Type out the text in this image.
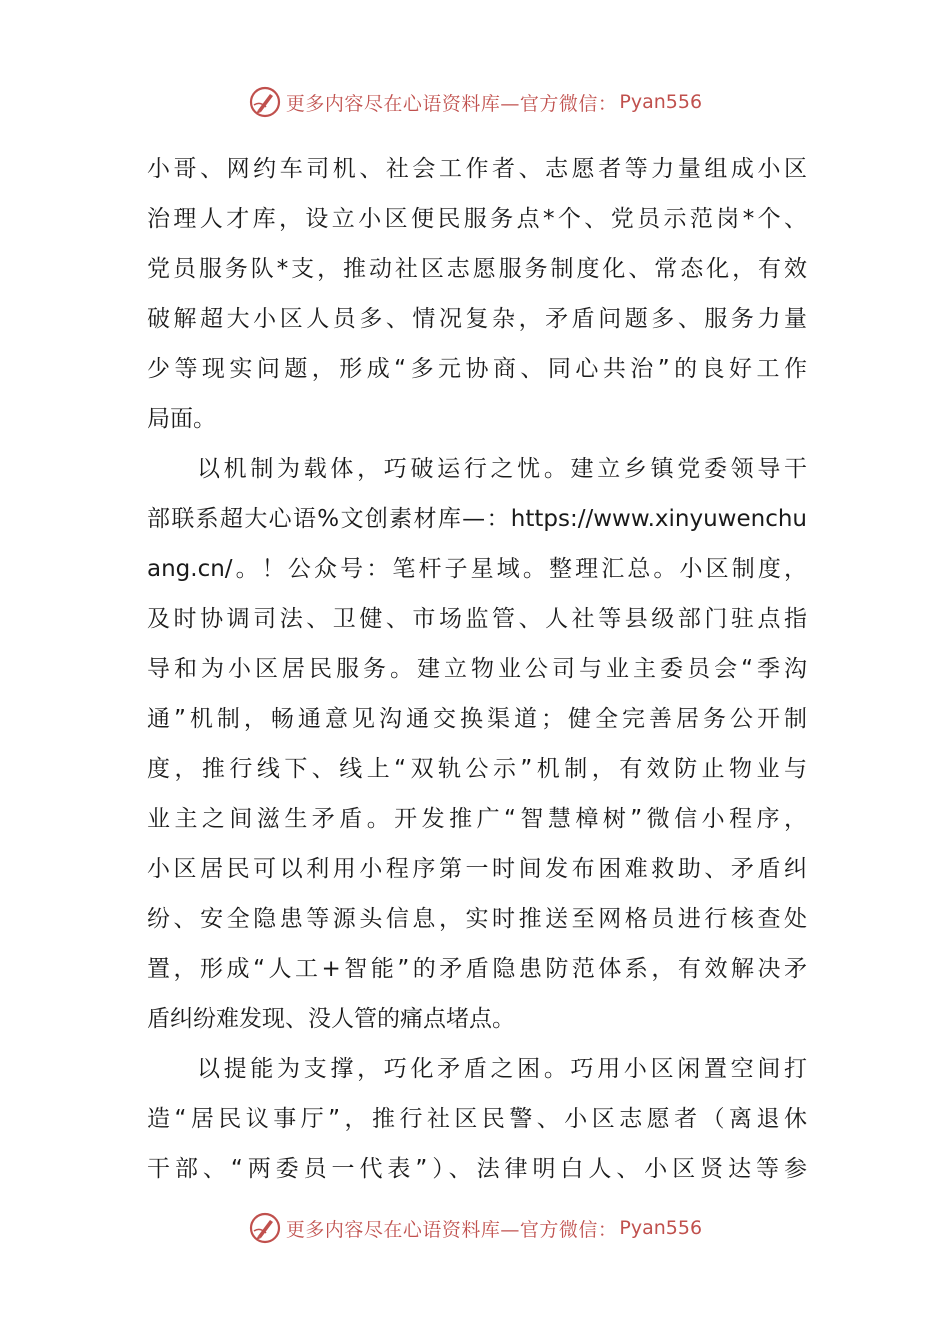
更多内容尽在心语资料库—官方微信： Pyan556
小哥、网约车司机、社会工作者、志愿者等力量组成小区
治理人才库，设立小区便民服务点*个、党员示范岗*个、
党员服务队*支，推动社区志愿服务制度化、常态化，有效
破解超大小区人员多、情况复杂，矛盾问题多、服务力量
少等现实问题，形成“多元协商、同心共治”的良好工作
局面。
以机制为载体，巧破运行之忧。建立乡镇党委领导干
部联系超大心语%文创素材库—：https://www.xinyuwenchu
ang.cn/。！公众号：笔杆子星域。整理汇总。小区制度，
及时协调司法、卫健、市场监管、人社等县级部门驻点指
导和为小区居民服务。建立物业公司与业主委员会“季沟
通”机制，畅通意见沟通交换渠道；健全完善居务公开制
度，推行线下、线上“双轨公示”机制，有效防止物业与
业主之间滋生矛盾。开发推广“智慧樟树”微信小程序，
小区居民可以利用小程序第一时间发布困难救助、矛盾纠
纷、安全隐患等源头信息，实时推送至网格员进行核查处
置，形成“人工+智能”的矛盾隐患防范体系，有效解决矛
盾纠纷难发现、没人管的痛点堵点。
以提能为支撑，巧化矛盾之困。巧用小区闲置空间打
造“居民议事厅”，推行社区民警、小区志愿者（离退休
干部、“两委员一代表”）、法律明白人、小区贤达等参
更多内容尽在心语资料库—官方微信： Pyan556
